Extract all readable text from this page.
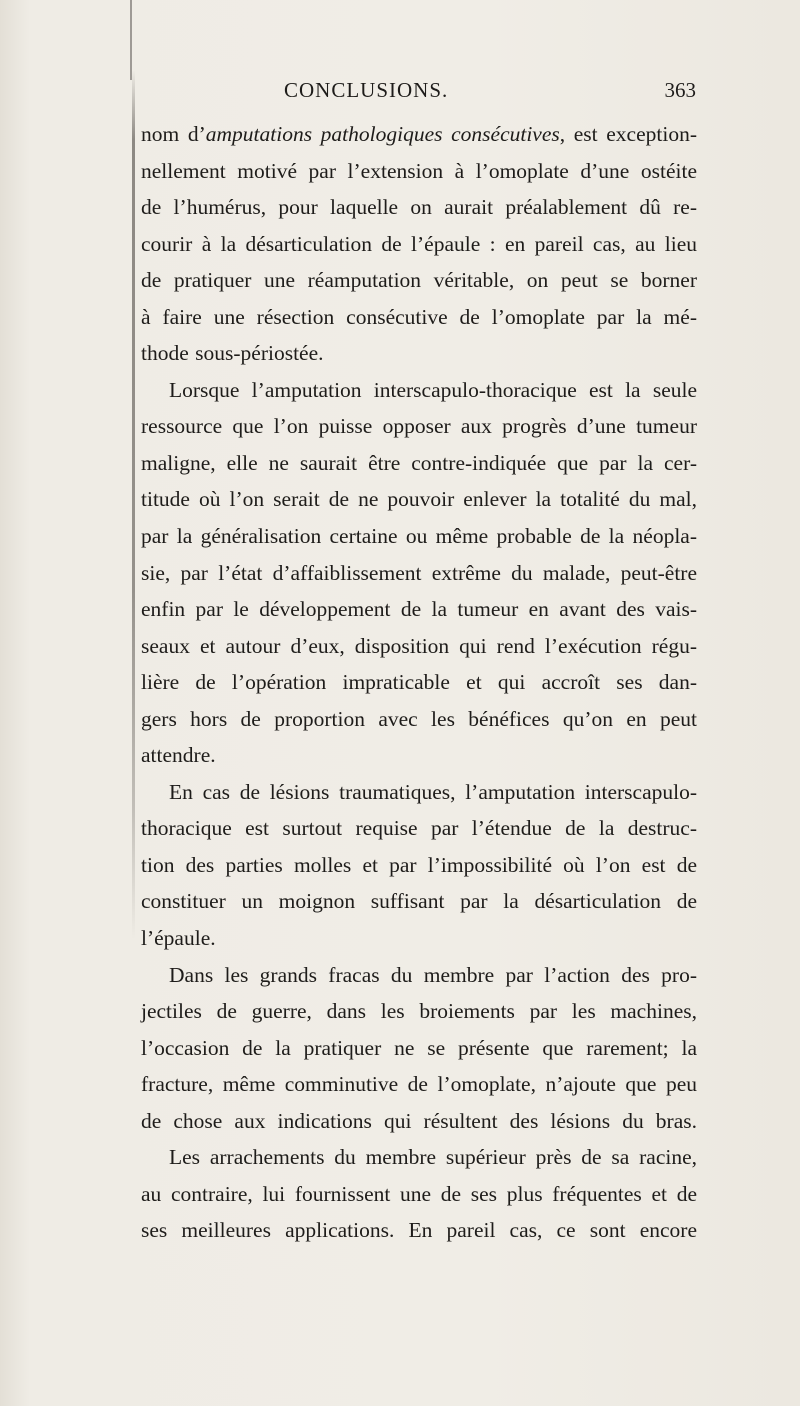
CONCLUSIONS.	363
nom d’amputations pathologiques consécutives, est exception-
nellement motivé par l’extension à l’omoplate d’une ostéite
de l’humérus, pour laquelle on aurait préalablement dû re-
courir à la désarticulation de l’épaule : en pareil cas, au lieu
de pratiquer une réamputation véritable, on peut se borner
à faire une résection consécutive de l’omoplate par la mé-
thode sous-périostée.
Lorsque l’amputation interscapulo-thoracique est la seule
ressource que l’on puisse opposer aux progrès d’une tumeur
maligne, elle ne saurait être contre-indiquée que par la cer-
titude où l’on serait de ne pouvoir enlever la totalité du mal,
par la généralisation certaine ou même probable de la néopla-
sie, par l’état d’affaiblissement extrême du malade, peut-être
enfin par le développement de la tumeur en avant des vais-
seaux et autour d’eux, disposition qui rend l’exécution régu-
lière de l’opération impraticable et qui accroît ses dan-
gers hors de proportion avec les bénéfices qu’on en peut
attendre.
En cas de lésions traumatiques, l’amputation interscapulo-
thoracique est surtout requise par l’étendue de la destruc-
tion des parties molles et par l’impossibilité où l’on est de
constituer un moignon suffisant par la désarticulation de
l’épaule.
Dans les grands fracas du membre par l’action des pro-
jectiles de guerre, dans les broiements par les machines,
l’occasion de la pratiquer ne se présente que rarement; la
fracture, même comminutive de l’omoplate, n’ajoute que peu
de chose aux indications qui résultent des lésions du bras.
Les arrachements du membre supérieur près de sa racine,
au contraire, lui fournissent une de ses plus fréquentes et de
ses meilleures applications. En pareil cas, ce sont encore
